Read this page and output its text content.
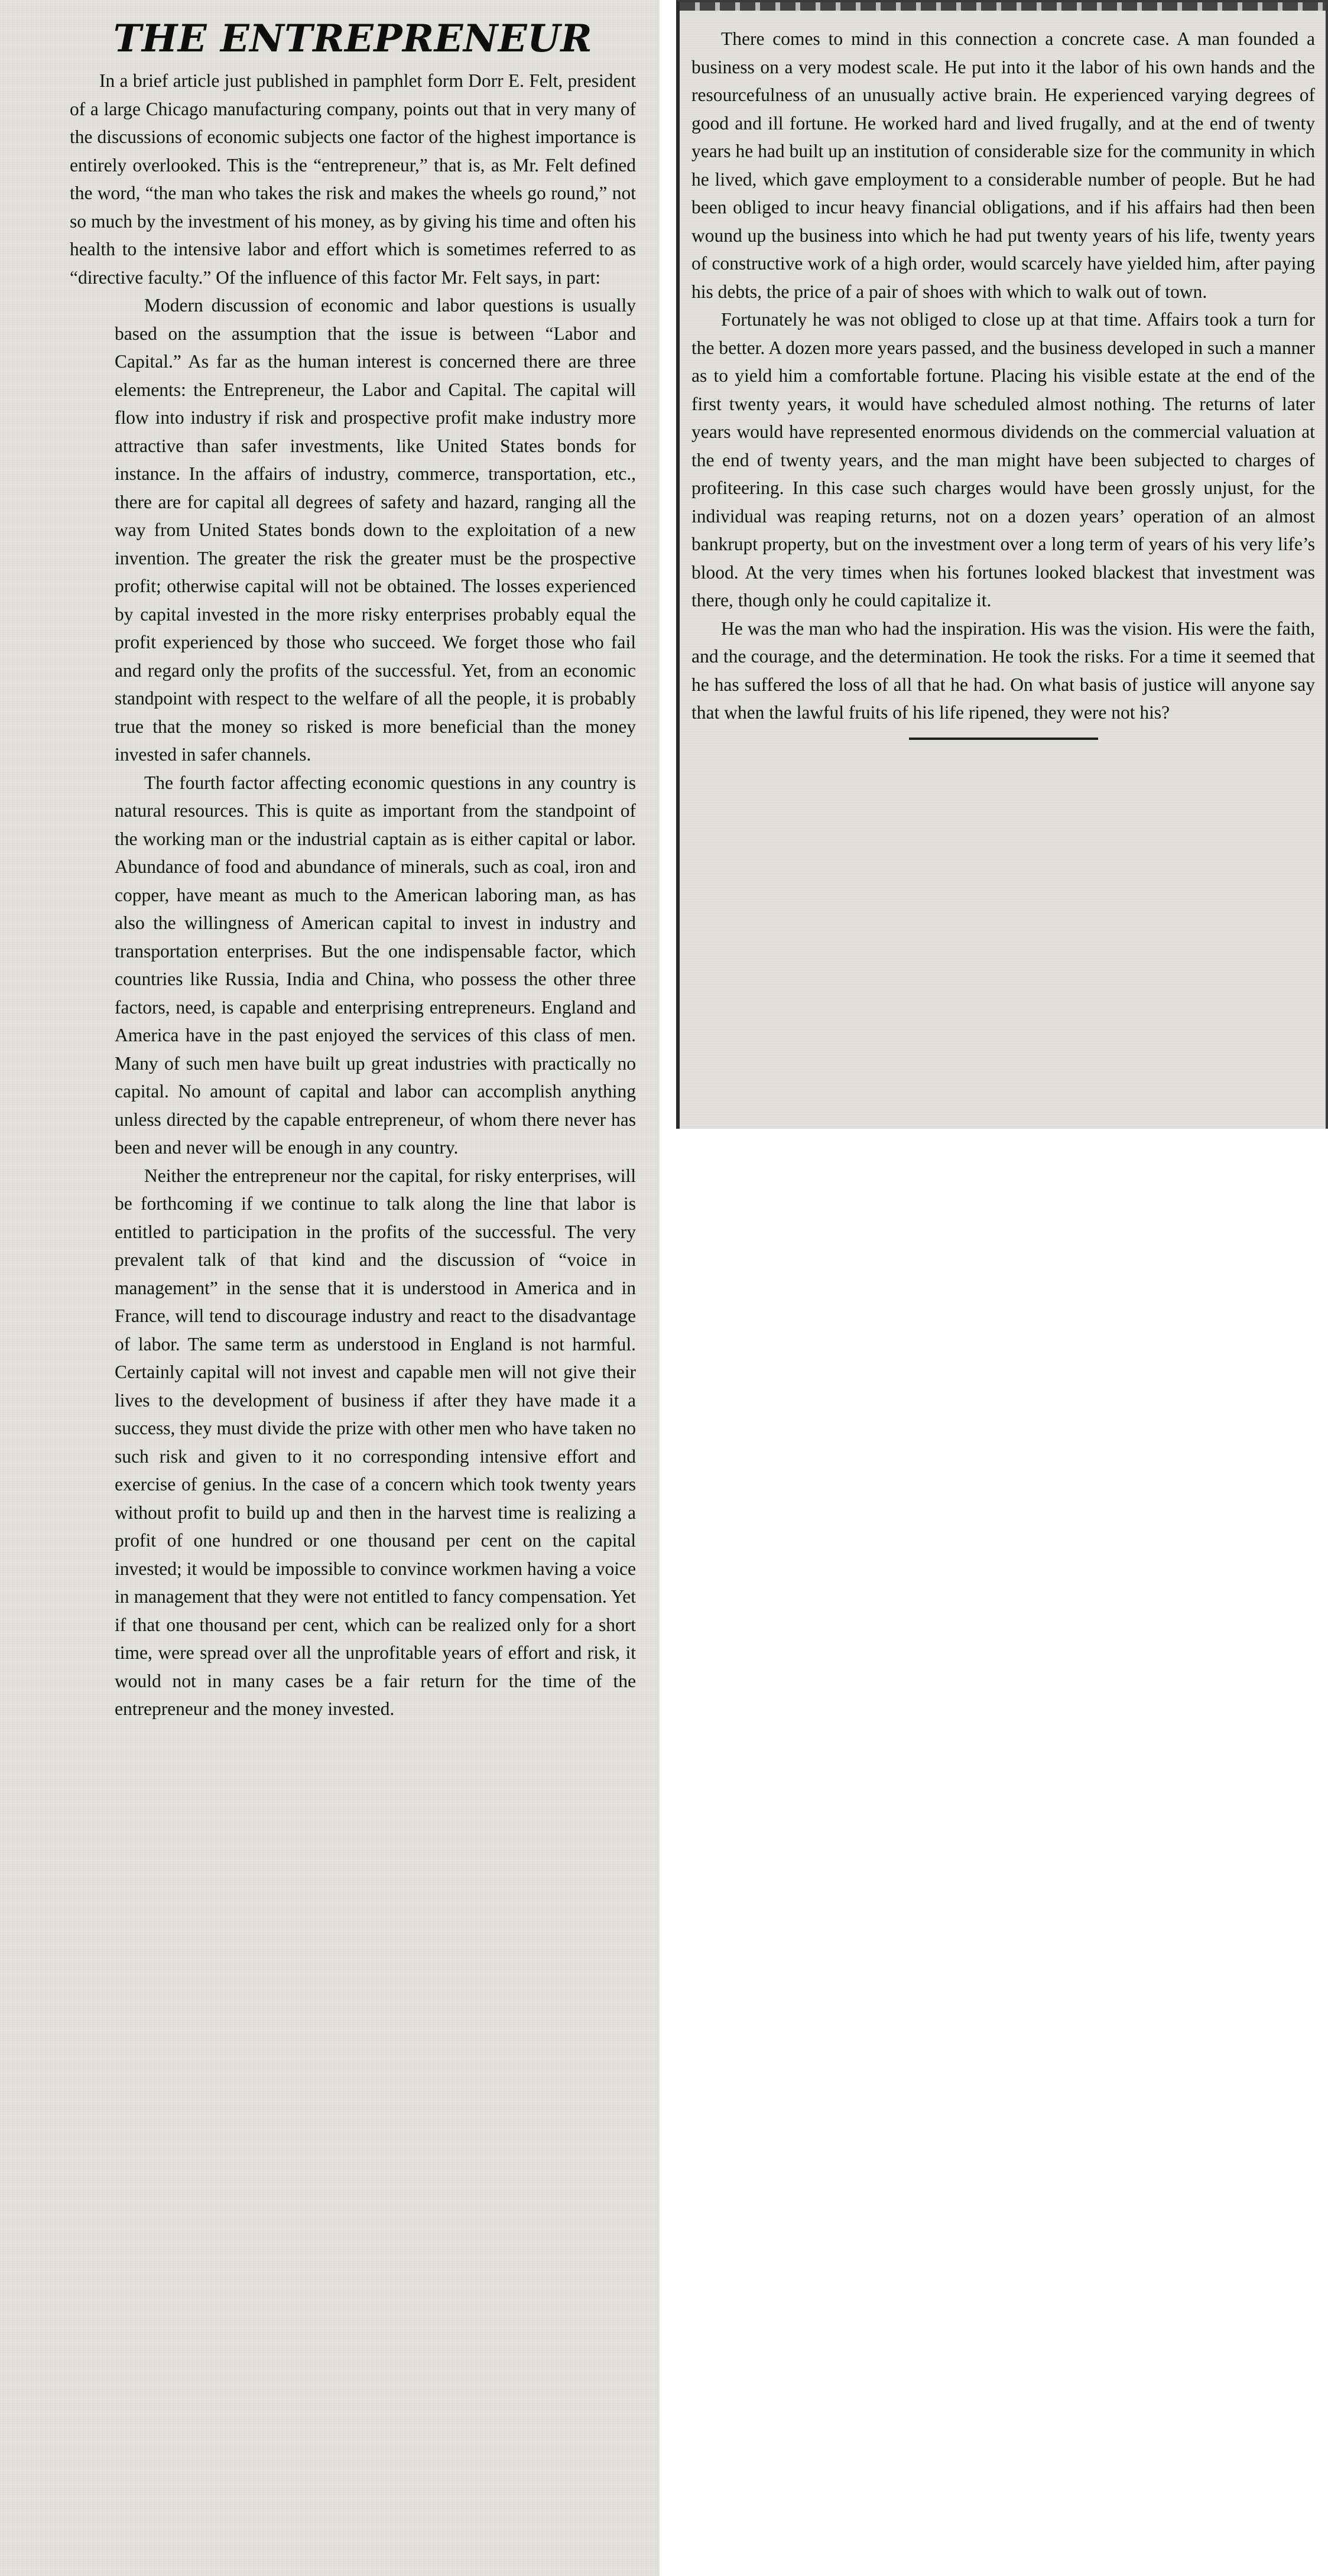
THE ENTREPRENEUR

In a brief article just published in pamphlet form Dorr E. Felt, president of a large Chicago manufacturing company, points out that in very many of the discussions of economic subjects one factor of the highest importance is entirely overlooked. This is the “entrepreneur,” that is, as Mr. Felt defined the word, “the man who takes the risk and makes the wheels go round,” not so much by the investment of his money, as by giving his time and often his health to the intensive labor and effort which is sometimes referred to as “directive faculty.” Of the influence of this factor Mr. Felt says, in part:

Modern discussion of economic and labor questions is usually based on the assumption that the issue is between “Labor and Capital.” As far as the human interest is concerned there are three elements: the Entrepreneur, the Labor and Capital. The capital will flow into industry if risk and prospective profit make industry more attractive than safer investments, like United States bonds for instance. In the affairs of industry, commerce, transportation, etc., there are for capital all degrees of safety and hazard, ranging all the way from United States bonds down to the exploitation of a new invention. The greater the risk the greater must be the prospective profit; otherwise capital will not be obtained. The losses experienced by capital invested in the more risky enterprises probably equal the profit experienced by those who succeed. We forget those who fail and regard only the profits of the successful. Yet, from an economic standpoint with respect to the welfare of all the people, it is probably true that the money so risked is more beneficial than the money invested in safer channels.

The fourth factor affecting economic questions in any country is natural resources. This is quite as important from the standpoint of the working man or the industrial captain as is either capital or labor. Abundance of food and abundance of minerals, such as coal, iron and copper, have meant as much to the American laboring man, as has also the willingness of American capital to invest in industry and transportation enterprises. But the one indispensable factor, which countries like Russia, India and China, who possess the other three factors, need, is capable and enterprising entrepreneurs. England and America have in the past enjoyed the services of this class of men. Many of such men have built up great industries with practically no capital. No amount of capital and labor can accomplish anything unless directed by the capable entrepreneur, of whom there never has been and never will be enough in any country.

Neither the entrepreneur nor the capital, for risky enterprises, will be forthcoming if we continue to talk along the line that labor is entitled to participation in the profits of the successful. The very prevalent talk of that kind and the discussion of “voice in management” in the sense that it is understood in America and in France, will tend to discourage industry and react to the disadvantage of labor. The same term as understood in England is not harmful. Certainly capital will not invest and capable men will not give their lives to the development of business if after they have made it a success, they must divide the prize with other men who have taken no such risk and given to it no corresponding intensive effort and exercise of genius. In the case of a concern which took twenty years without profit to build up and then in the harvest time is realizing a profit of one hundred or one thousand per cent on the capital invested; it would be impossible to convince workmen having a voice in management that they were not entitled to fancy compensation. Yet if that one thousand per cent, which can be realized only for a short time, were spread over all the unprofitable years of effort and risk, it would not in many cases be a fair return for the time of the entrepreneur and the money invested.

There comes to mind in this connection a concrete case. A man founded a business on a very modest scale. He put into it the labor of his own hands and the resourcefulness of an unusually active brain. He experienced varying degrees of good and ill fortune. He worked hard and lived frugally, and at the end of twenty years he had built up an institution of considerable size for the community in which he lived, which gave employment to a considerable number of people. But he had been obliged to incur heavy financial obligations, and if his affairs had then been wound up the business into which he had put twenty years of his life, twenty years of constructive work of a high order, would scarcely have yielded him, after paying his debts, the price of a pair of shoes with which to walk out of town.

Fortunately he was not obliged to close up at that time. Affairs took a turn for the better. A dozen more years passed, and the business developed in such a manner as to yield him a comfortable fortune. Placing his visible estate at the end of the first twenty years, it would have scheduled almost nothing. The returns of later years would have represented enormous dividends on the commercial valuation at the end of twenty years, and the man might have been subjected to charges of profiteering. In this case such charges would have been grossly unjust, for the individual was reaping returns, not on a dozen years’ operation of an almost bankrupt property, but on the investment over a long term of years of his very life’s blood. At the very times when his fortunes looked blackest that investment was there, though only he could capitalize it.

He was the man who had the inspiration. His was the vision. His were the faith, and the courage, and the determination. He took the risks. For a time it seemed that he has suffered the loss of all that he had. On what basis of justice will anyone say that when the lawful fruits of his life ripened, they were not his?
